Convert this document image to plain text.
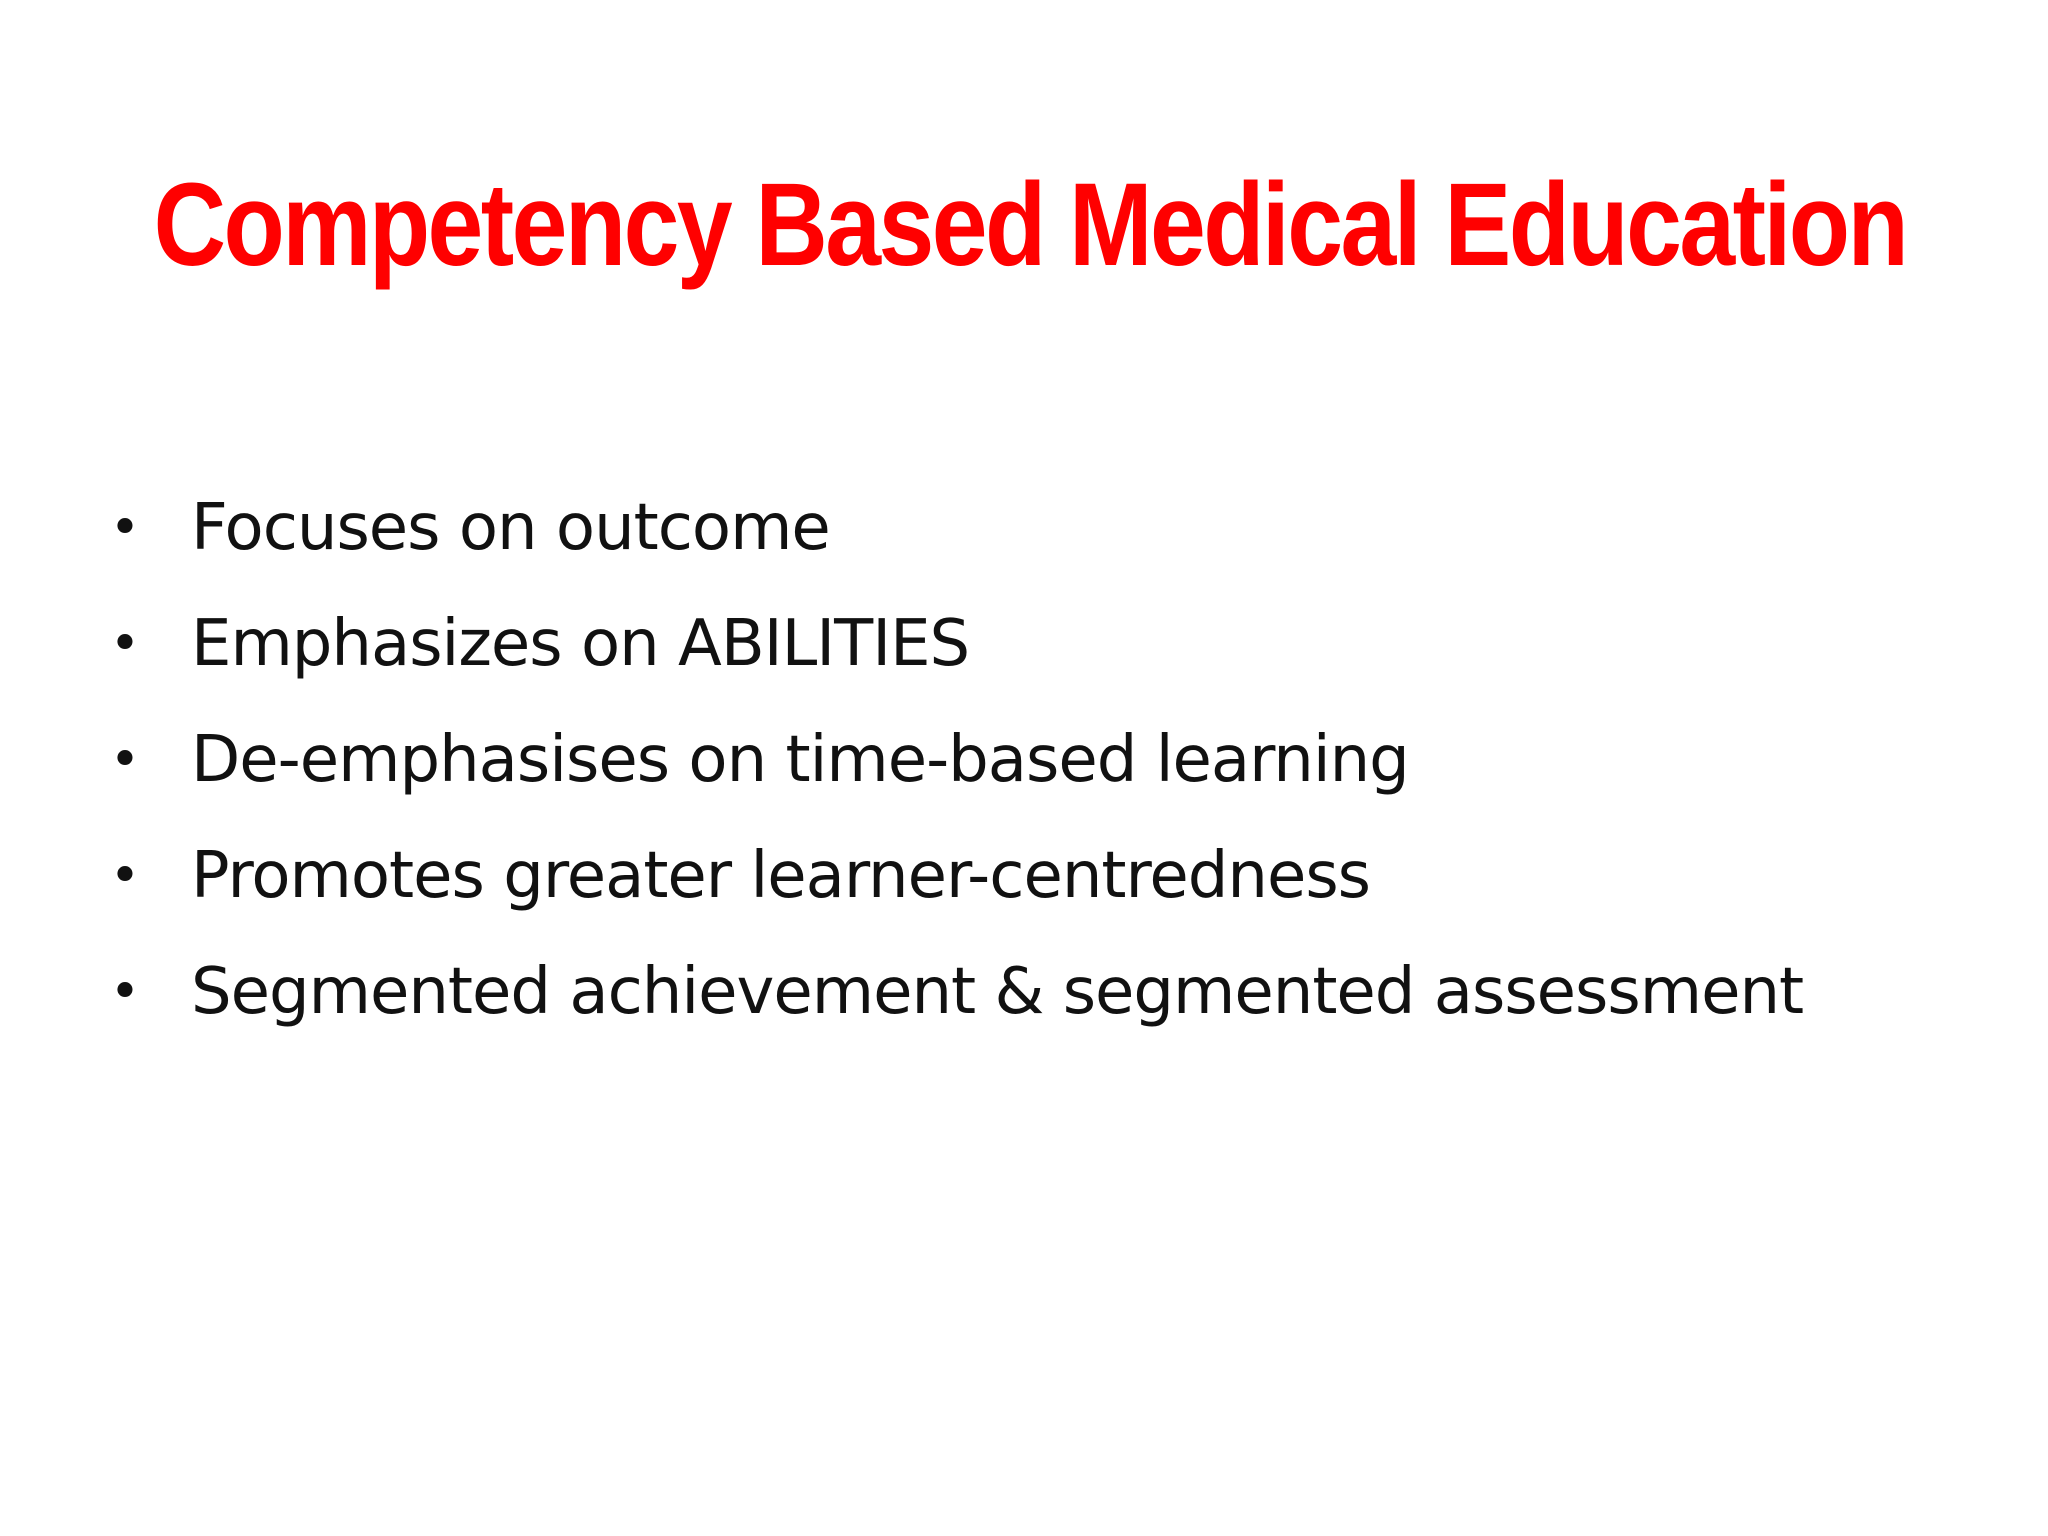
Competency Based Medical Education
• Focuses on outcome
• Emphasizes on ABILITIES
• De-emphasises on time-based learning
• Promotes greater learner-centredness
• Segmented achievement & segmented assessment
